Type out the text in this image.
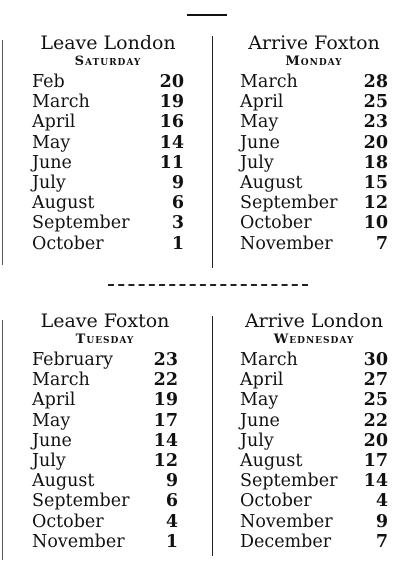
Leave London
Saturday
Feb	20
March	19
April	16
May	14
June	11
July	9
August	6
September 3
October	1
Arrive Foxton
Monday
March	28
April	25
May	23
June	20
July	18
August	15
September 12
October	10
November 7
Leave Foxton
Tuesday
February 23
March	22
April	19
May	17
June	14
July	12
August	9
September 6
October	4
November 1
Arrive London
Wednesday
March	30
April	27
May	25
June	22
July	20
August	17
September 14
October	4
November 9
December	7
